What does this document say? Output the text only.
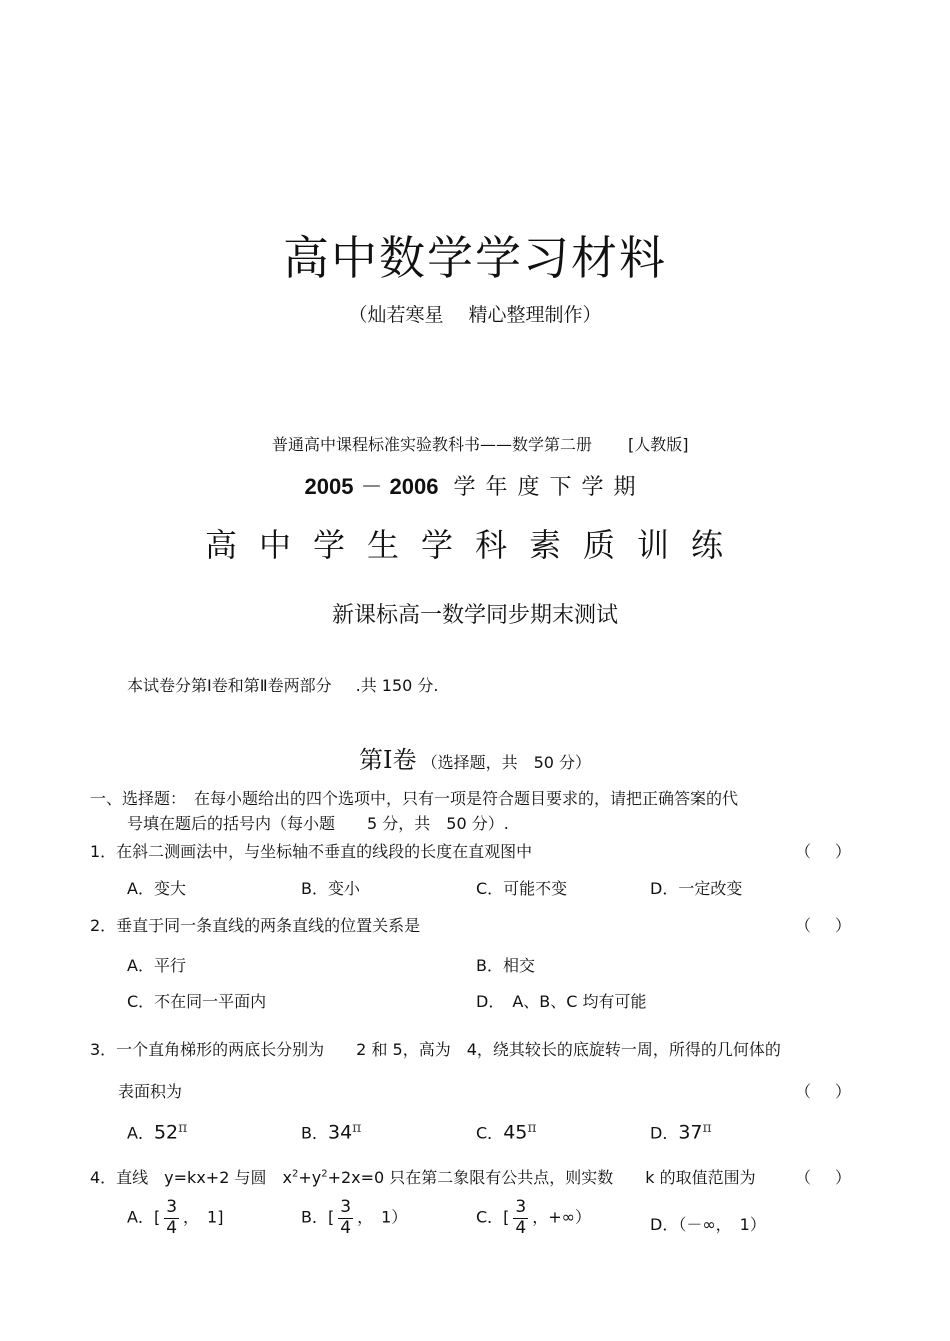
高中数学学习材料
（灿若寒星　 精心整理制作）
普通高中课程标准实验教科书——数学第二册 [人教版]
2005 － 2006 学年度下学期
高中学生学科素质训练
新课标高一数学同步期末测试
本试卷分第Ⅰ卷和第Ⅱ卷两部分 .共 150 分.
第Ⅰ卷 （选择题，共　50 分）
一、选择题：　在每小题给出的四个选项中，只有一项是符合题目要求的，请把正确答案的代
号填在题后的括号内（每小题　　5 分，共　50 分）.
1．在斜二测画法中，与坐标轴不垂直的线段的长度在直观图中	（ ）
A．变大	B．变小	C．可能不变	D．一定改变
2．垂直于同一条直线的两条直线的位置关系是	（ ）
A．平行	B．相交
C．不在同一平面内	D．　A、B、C 均有可能
3．一个直角梯形的两底长分别为　　2 和 5，高为　4，绕其较长的底旋转一周，所得的几何体的
表面积为	（ ）
A．52π	B．34π	C．45π	D．37π
4．直线　y=kx+2 与圆　$x^2+y^2+2x=0$ 只在第二象限有公共点，则实数　　k 的取值范围为 （ ）
A．[ $\frac{3}{4}$ ，　1]	B．[ $\frac{3}{4}$ ，　1）	C．[ $\frac{3}{4}$ ，+∞）	D．（－∞，　1）
